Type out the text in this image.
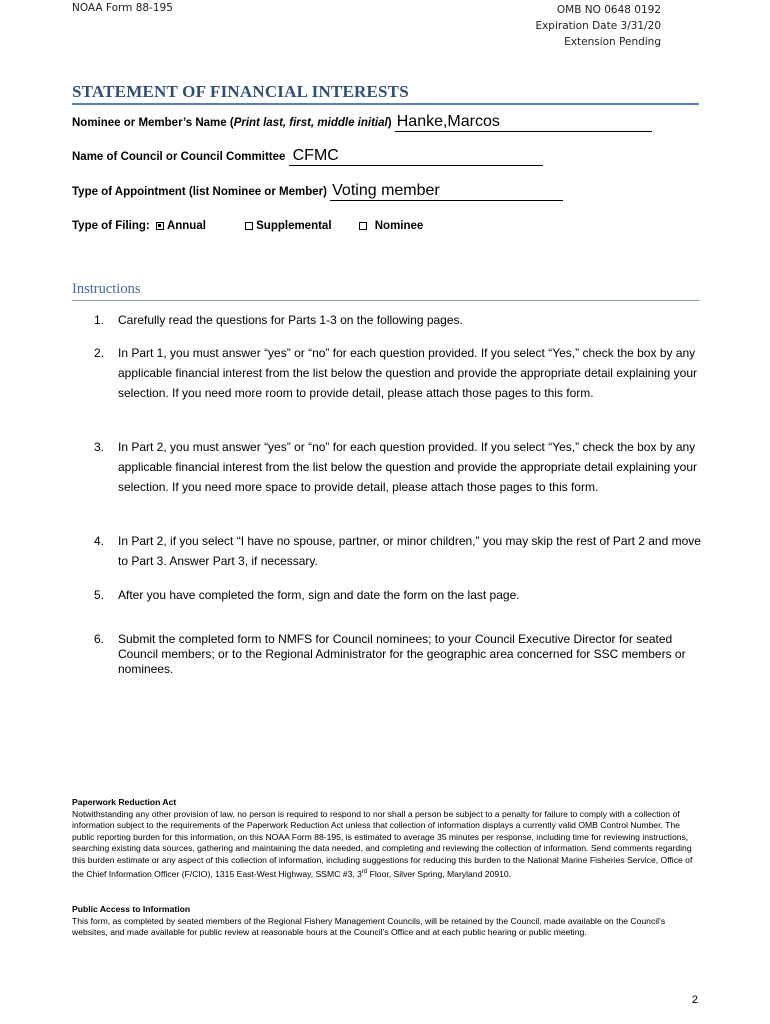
NOAA Form 88-195	OMB NO 0648 0192
Expiration Date 3/31/20
Extension Pending
STATEMENT OF FINANCIAL INTERESTS
Nominee or Member’s Name (Print last, first, middle initial) Hanke,Marcos
Name of Council or Council Committee CFMC
Type of Appointment (list Nominee or Member) Voting member
Type of Filing: Annual	Supplemental	Nominee
Instructions
1.	Carefully read the questions for Parts 1-3 on the following pages.
2.	In Part 1, you must answer “yes” or “no” for each question provided. If you select “Yes,” check the box by any applicable financial interest from the list below the question and provide the appropriate detail explaining your selection. If you need more room to provide detail, please attach those pages to this form.
3.	In Part 2, you must answer “yes” or “no” for each question provided. If you select “Yes,” check the box by any applicable financial interest from the list below the question and provide the appropriate detail explaining your selection. If you need more space to provide detail, please attach those pages to this form.
4.	In Part 2, if you select “I have no spouse, partner, or minor children,” you may skip the rest of Part 2 and move to Part 3. Answer Part 3, if necessary.
5.	After you have completed the form, sign and date the form on the last page.
6.	Submit the completed form to NMFS for Council nominees; to your Council Executive Director for seated Council members; or to the Regional Administrator for the geographic area concerned for SSC members or nominees.
Paperwork Reduction Act
Notwithstanding any other provision of law, no person is required to respond to nor shall a person be subject to a penalty for failure to comply with a collection of information subject to the requirements of the Paperwork Reduction Act unless that collection of information displays a currently valid OMB Control Number. The public reporting burden for this information, on this NOAA Form 88-195, is estimated to average 35 minutes per response, including time for reviewing instructions, searching existing data sources, gathering and maintaining the data needed, and completing and reviewing the collection of information. Send comments regarding this burden estimate or any aspect of this collection of information, including suggestions for reducing this burden to the National Marine Fisheries Service, Office of the Chief Information Officer (F/CIO), 1315 East-West Highway, SSMC #3, 3rd Floor, Silver Spring, Maryland 20910.
Public Access to Information
This form, as completed by seated members of the Regional Fishery Management Councils, will be retained by the Council, made available on the Council’s websites, and made available for public review at reasonable hours at the Council’s Office and at each public hearing or public meeting.
2
